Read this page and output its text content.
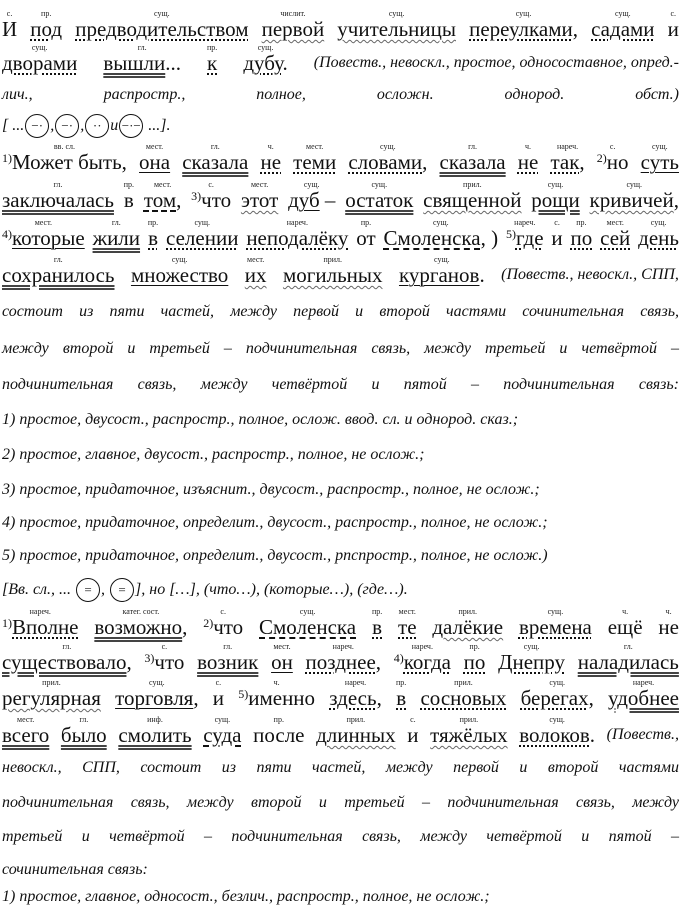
с.
И
пр.
под
сущ.
предводительством
числит.
первой
сущ.
учительницы
сущ.
переулками,
сущ.
садами
с.
и
сущ.
дворами
гл.
вышли...
пр.
к
сущ.
дубу. (Повеств., невоскл., простое, односоставное, опред.-
лич., распростр., полное, осложн. однород. обст.)
[ ... −· , −· , ·· и −·− ...].
вв. сл.
$^{1)}$Может быть,
мест.
она
гл.
сказала
ч.
не
мест.
теми
сущ.
словами,
гл.
сказала
ч.
не
нареч.
так,
с.
$^{2)}$но
сущ.
суть
гл.
заключалась
пр.
в
мест.
том,
с.
$^{3)}$что
мест.
этот
сущ.
дуб –
сущ.
остаток
прил.
священной
сущ.
рощи
сущ.
кривичей,
мест.
$^{4)}$которые
гл.
жили
пр.
в
сущ.
селении
нареч.
неподалёку
пр.
от
сущ.
Смоленска, )
нареч.
$^{5)}$где
с.
и
пр.
по
мест.
сей
сущ.
день
гл.
сохранилось
сущ.
множество
мест.
их
прил.
могильных
сущ.
курганов. (Повеств., невоскл., СПП,
состоит из пяти частей, между первой и второй частями сочинительная связь,
между второй и третьей – подчинительная связь, между третьей и четвёртой –
подчинительная связь, между четвёртой и пятой – подчинительная связь:
1) простое, двусост., распростр., полное, ослож. ввод. сл. и однород. сказ.;
2) простое, главное, двусост., распростр., полное, не ослож.;
3) простое, придаточное, изъяснит., двусост., распростр., полное, не ослож.;
4) простое, придаточное, определит., двусост., распростр., полное, не ослож.;
5) простое, придаточное, определит., двусост., рпспростр., полное, не ослож.)
[Вв. сл., ... = , = ], но […], (что…), (которые…), (где…).
нареч.
$^{1)}$Вполне
катег. сост.
возможно,
с.
$^{2)}$что
сущ.
Смоленска
пр.
в
мест.
те
прил.
далёкие
сущ.
времена
ч.
ещё
ч.
не
гл.
существовало,
с.
$^{3)}$что
гл.
возник
мест.
он
нареч.
позднее,
нареч.
$^{4)}$когда
пр.
по
сущ.
Днепру
гл.
наладилась
прил.
регулярная
сущ.
торговля,
с.
и
ч.
$^{5)}$именно
нареч.
здесь,
пр.
в
прил.
сосновых
сущ.
берегах,
нареч.
удобнее
мест.
всего
гл.
было
инф.
смолить
сущ.
суда
пр.
после
прил.
длинных
с.
и
прил.
тяжёлых
сущ.
волоков. (Повеств.,
невоскл., СПП, состоит из пяти частей, между первой и второй частями
подчинительная связь, между второй и третьей – подчинительная связь, между
третьей и четвёртой – подчинительная связь, между четвёртой и пятой –
сочинительная связь:
1) простое, главное, односост., безлич., распростр., полное, не ослож.;
